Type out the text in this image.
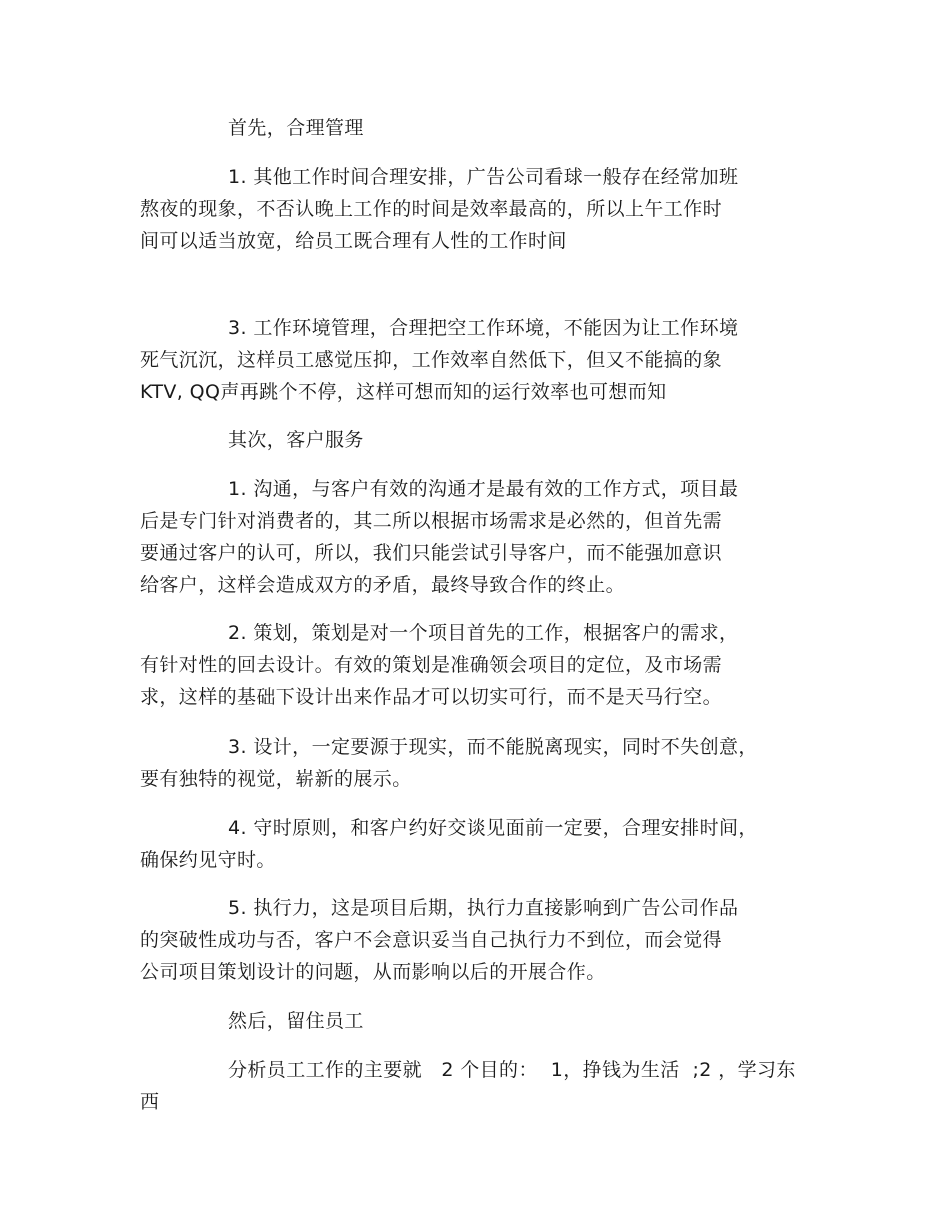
首先，合理管理
1. 其他工作时间合理安排，广告公司看球一般存在经常加班
熬夜的现象，不否认晚上工作的时间是效率最高的，所以上午工作时
间可以适当放宽，给员工既合理有人性的工作时间
3. 工作环境管理，合理把空工作环境，不能因为让工作环境
死气沉沉，这样员工感觉压抑，工作效率自然低下，但又不能搞的象
KTV, QQ声再跳个不停，这样可想而知的运行效率也可想而知
其次，客户服务
1. 沟通，与客户有效的沟通才是最有效的工作方式，项目最
后是专门针对消费者的，其二所以根据市场需求是必然的，但首先需
要通过客户的认可，所以，我们只能尝试引导客户，而不能强加意识
给客户，这样会造成双方的矛盾，最终导致合作的终止。
2. 策划，策划是对一个项目首先的工作，根据客户的需求，
有针对性的回去设计。有效的策划是准确领会项目的定位，及市场需
求，这样的基础下设计出来作品才可以切实可行，而不是天马行空。
3. 设计，一定要源于现实，而不能脱离现实，同时不失创意，
要有独特的视觉，崭新的展示。
4. 守时原则，和客户约好交谈见面前一定要，合理安排时间，
确保约见守时。
5. 执行力，这是项目后期，执行力直接影响到广告公司作品
的突破性成功与否，客户不会意识妥当自己执行力不到位，而会觉得
公司项目策划设计的问题，从而影响以后的开展合作。
然后，留住员工
分析员工工作的主要就   2 个目的：  1，挣钱为生活  ;2 ，学习东
西
